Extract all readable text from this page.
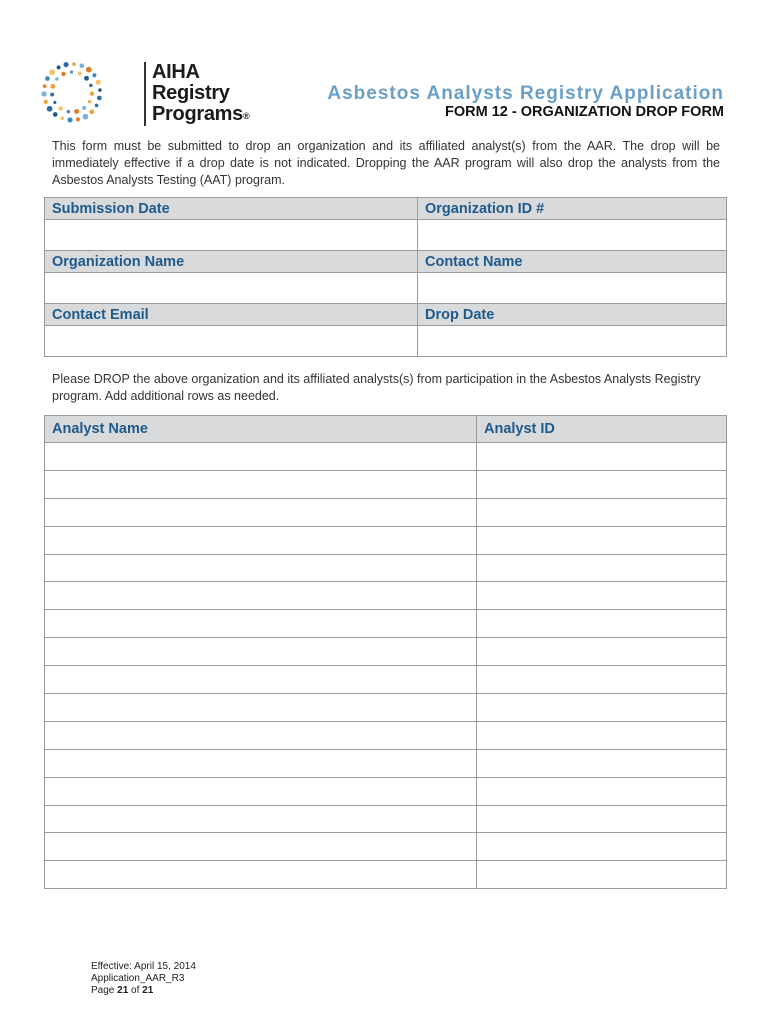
AIHA
Registry
Programs®
Asbestos Analysts Registry Application
FORM 12 - ORGANIZATION DROP FORM
This form must be submitted to drop an organization and its affiliated analyst(s) from the AAR. The drop will be immediately effective if a drop date is not indicated. Dropping the AAR program will also drop the analysts from the Asbestos Analysts Testing (AAT) program.
Submission Date	Organization ID #

Organization Name	Contact Name

Contact Email	Drop Date

Please DROP the above organization and its affiliated analysts(s) from participation in the Asbestos Analysts Registry program. Add additional rows as needed.
Analyst Name	Analyst ID

Effective: April 15, 2014
Application_AAR_R3
Page 21 of 21
